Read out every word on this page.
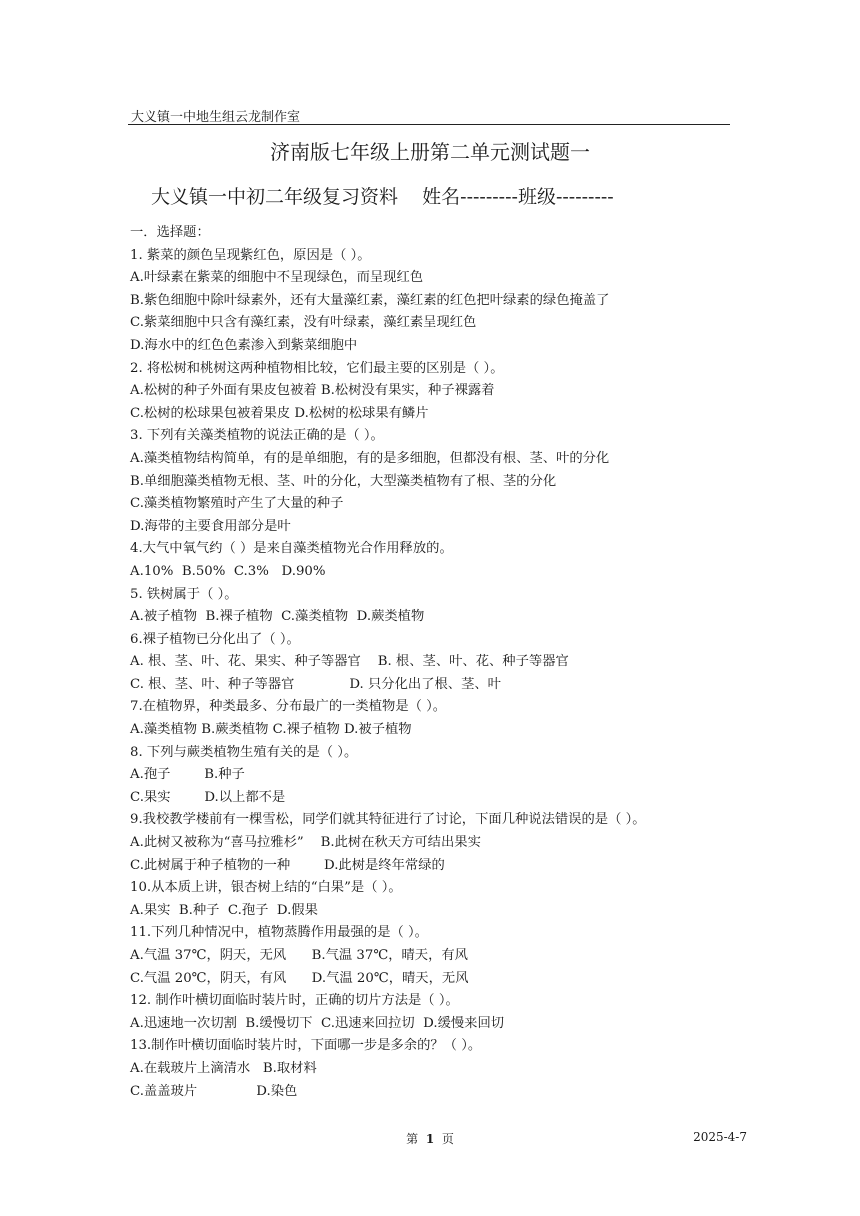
大义镇一中地生组云龙制作室
济南版七年级上册第二单元测试题一
大义镇一中初二年级复习资料    姓名---------班级---------
一．选择题：
1. 紫菜的颜色呈现紫红色，原因是（ ）。
A.叶绿素在紫菜的细胞中不呈现绿色，而呈现红色
B.紫色细胞中除叶绿素外，还有大量藻红素，藻红素的红色把叶绿素的绿色掩盖了
C.紫菜细胞中只含有藻红素，没有叶绿素，藻红素呈现红色
D.海水中的红色色素渗入到紫菜细胞中
2. 将松树和桃树这两种植物相比较，它们最主要的区别是（ ）。
A.松树的种子外面有果皮包被着 B.松树没有果实，种子裸露着
C.松树的松球果包被着果皮 D.松树的松球果有鳞片
3. 下列有关藻类植物的说法正确的是（ ）。
A.藻类植物结构简单，有的是单细胞，有的是多细胞，但都没有根、茎、叶的分化
B.单细胞藻类植物无根、茎、叶的分化，大型藻类植物有了根、茎的分化
C.藻类植物繁殖时产生了大量的种子
D.海带的主要食用部分是叶
4.大气中氧气约（ ）是来自藻类植物光合作用释放的。
A.10%  B.50%  C.3%   D.90%
5. 铁树属于（ ）。
A.被子植物  B.裸子植物  C.藻类植物  D.蕨类植物
6.裸子植物已分化出了（ ）。
A. 根、茎、叶、花、果实、种子等器官    B. 根、茎、叶、花、种子等器官
C. 根、茎、叶、种子等器官             D. 只分化出了根、茎、叶
7.在植物界，种类最多、分布最广的一类植物是（ ）。
A.藻类植物 B.蕨类植物 C.裸子植物 D.被子植物
8. 下列与蕨类植物生殖有关的是（ ）。
A.孢子        B.种子
C.果实        D.以上都不是
9.我校教学楼前有一棵雪松，同学们就其特征进行了讨论，下面几种说法错误的是（ ）。
A.此树又被称为“喜马拉雅杉”    B.此树在秋天方可结出果实
C.此树属于种子植物的一种        D.此树是终年常绿的
10.从本质上讲，银杏树上结的“白果”是（ ）。
A.果实  B.种子  C.孢子  D.假果
11.下列几种情况中，植物蒸腾作用最强的是（ ）。
A.气温 37℃，阴天，无风      B.气温 37℃，晴天，有风
C.气温 20℃，阴天，有风      D.气温 20℃，晴天，无风
12. 制作叶横切面临时装片时，正确的切片方法是（ ）。
A.迅速地一次切割  B.缓慢切下  C.迅速来回拉切  D.缓慢来回切
13.制作叶横切面临时装片时，下面哪一步是多余的？（ ）。
A.在载玻片上滴清水   B.取材料
C.盖盖玻片              D.染色
第 1 页	2025-4-7
